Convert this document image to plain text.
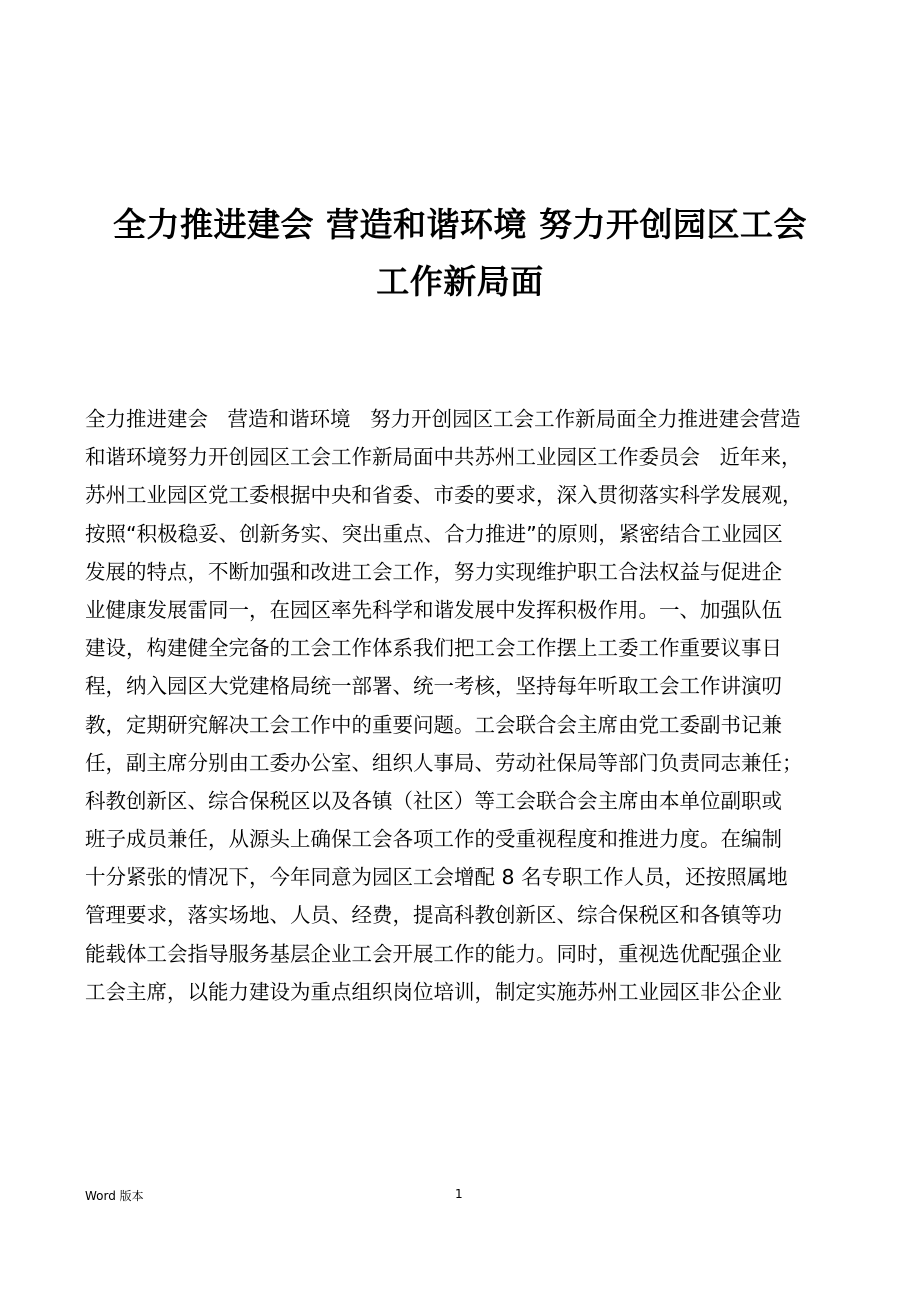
全力推进建会 营造和谐环境 努力开创园区工会
工作新局面
全力推进建会   营造和谐环境   努力开创园区工会工作新局面全力推进建会营造
和谐环境努力开创园区工会工作新局面中共苏州工业园区工作委员会   近年来，
苏州工业园区党工委根据中央和省委、市委的要求，深入贯彻落实科学发展观，
按照“积极稳妥、创新务实、突出重点、合力推进”的原则，紧密结合工业园区
发展的特点，不断加强和改进工会工作，努力实现维护职工合法权益与促进企
业健康发展雷同一，在园区率先科学和谐发展中发挥积极作用。一、加强队伍
建设，构建健全完备的工会工作体系我们把工会工作摆上工委工作重要议事日
程，纳入园区大党建格局统一部署、统一考核，坚持每年听取工会工作讲演叨
教，定期研究解决工会工作中的重要问题。工会联合会主席由党工委副书记兼
任，副主席分别由工委办公室、组织人事局、劳动社保局等部门负责同志兼任；
科教创新区、综合保税区以及各镇（社区）等工会联合会主席由本单位副职或
班子成员兼任，从源头上确保工会各项工作的受重视程度和推进力度。在编制
十分紧张的情况下，今年同意为园区工会增配 8 名专职工作人员，还按照属地
管理要求，落实场地、人员、经费，提高科教创新区、综合保税区和各镇等功
能载体工会指导服务基层企业工会开展工作的能力。同时，重视选优配强企业
工会主席，以能力建设为重点组织岗位培训，制定实施苏州工业园区非公企业
Word 版本	1
